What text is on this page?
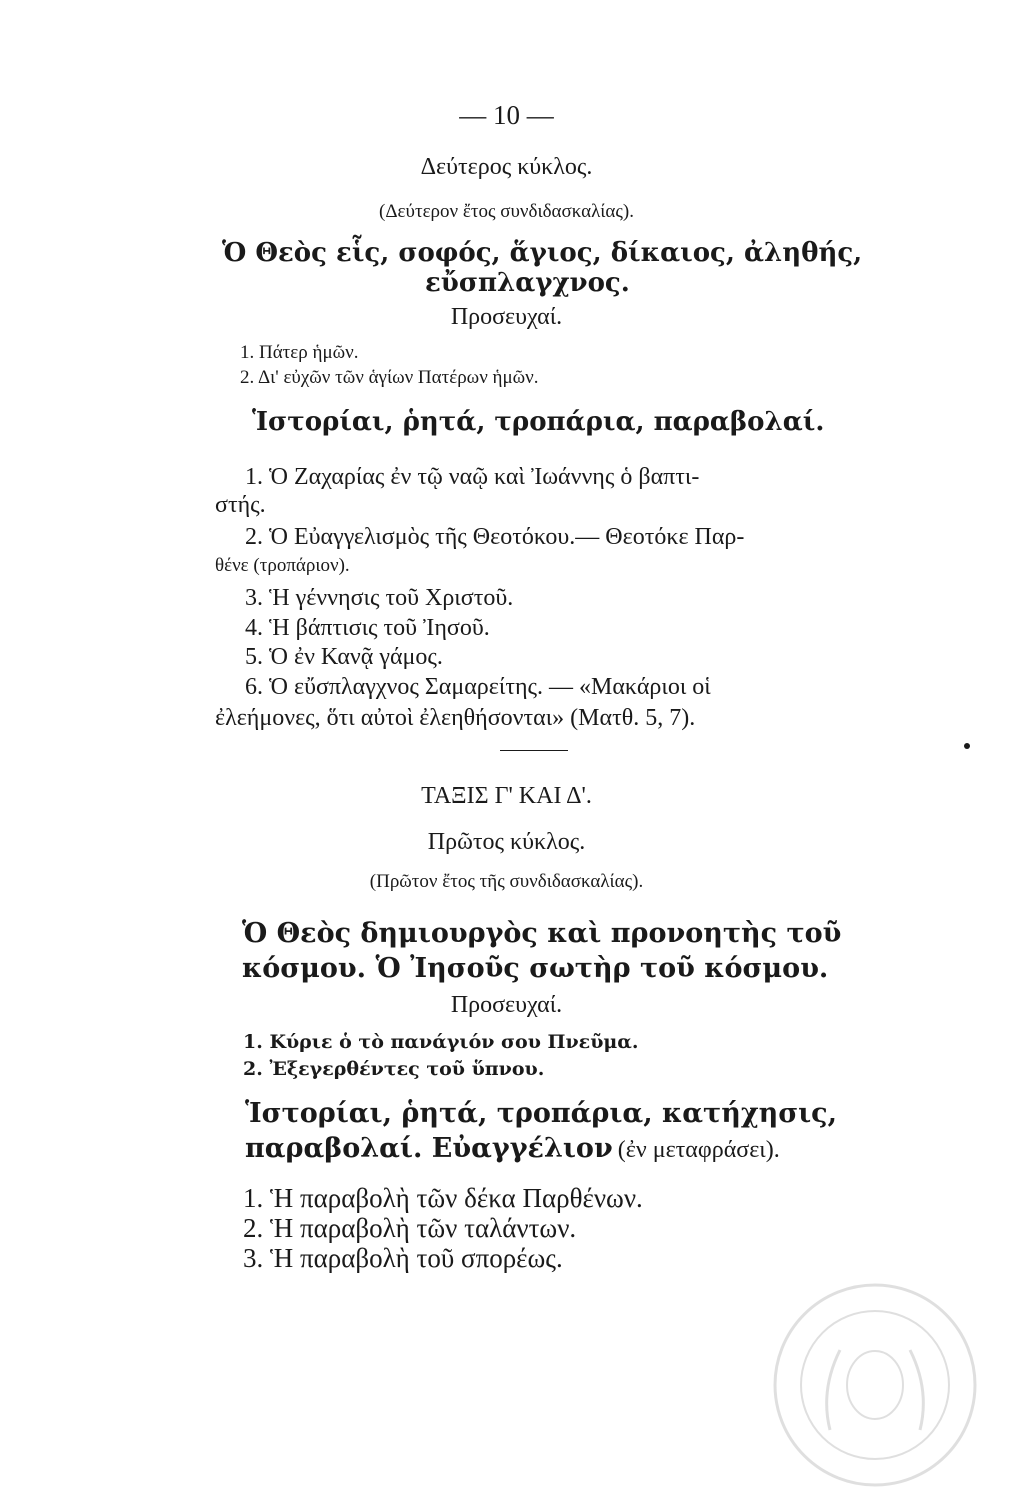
— 10 —
Δεύτερος κύκλος.
(Δεύτερον ἔτος συνδιδασκαλίας).
Ὁ Θεὸς εἷς, σοφός, ἅγιος, δίκαιος, ἀληθής,
εὔσπλαγχνος.
Προσευχαί.
1. Πάτερ ἡμῶν.
2. Δι' εὐχῶν τῶν ἁγίων Πατέρων ἡμῶν.
Ἱστορίαι, ῥητά, τροπάρια, παραβολαί.
1. Ὁ Ζαχαρίας ἐν τῷ ναῷ καὶ Ἰωάννης ὁ βαπτι-
στής.
2. Ὁ Εὐαγγελισμὸς τῆς Θεοτόκου.— Θεοτόκε Παρ-
θένε (τροπάριον).
3. Ἡ γέννησις τοῦ Χριστοῦ.
4. Ἡ βάπτισις τοῦ Ἰησοῦ.
5. Ὁ ἐν Κανᾷ γάμος.
6. Ὁ εὔσπλαγχνος Σαμαρείτης. — «Μακάριοι οἱ
ἐλεήμονες, ὅτι αὐτοὶ ἐλεηθήσονται» (Ματθ. 5, 7).
ΤΑΞΙΣ Γ' ΚΑΙ Δ'.
Πρῶτος κύκλος.
(Πρῶτον ἔτος τῆς συνδιδασκαλίας).
Ὁ Θεὸς δημιουργὸς καὶ προνοητὴς τοῦ
κόσμου. Ὁ Ἰησοῦς σωτὴρ τοῦ κόσμου.
Προσευχαί.
1. Κύριε ὁ τὸ πανάγιόν σου Πνεῦμα.
2. Ἐξεγερθέντες τοῦ ὕπνου.
Ἱστορίαι, ῥητά, τροπάρια, κατήχησις,
παραβολαί. Εὐαγγέλιον (ἐν μεταφράσει).
1. Ἡ παραβολὴ τῶν δέκα Παρθένων.
2. Ἡ παραβολὴ τῶν ταλάντων.
3. Ἡ παραβολὴ τοῦ σπορέως.
